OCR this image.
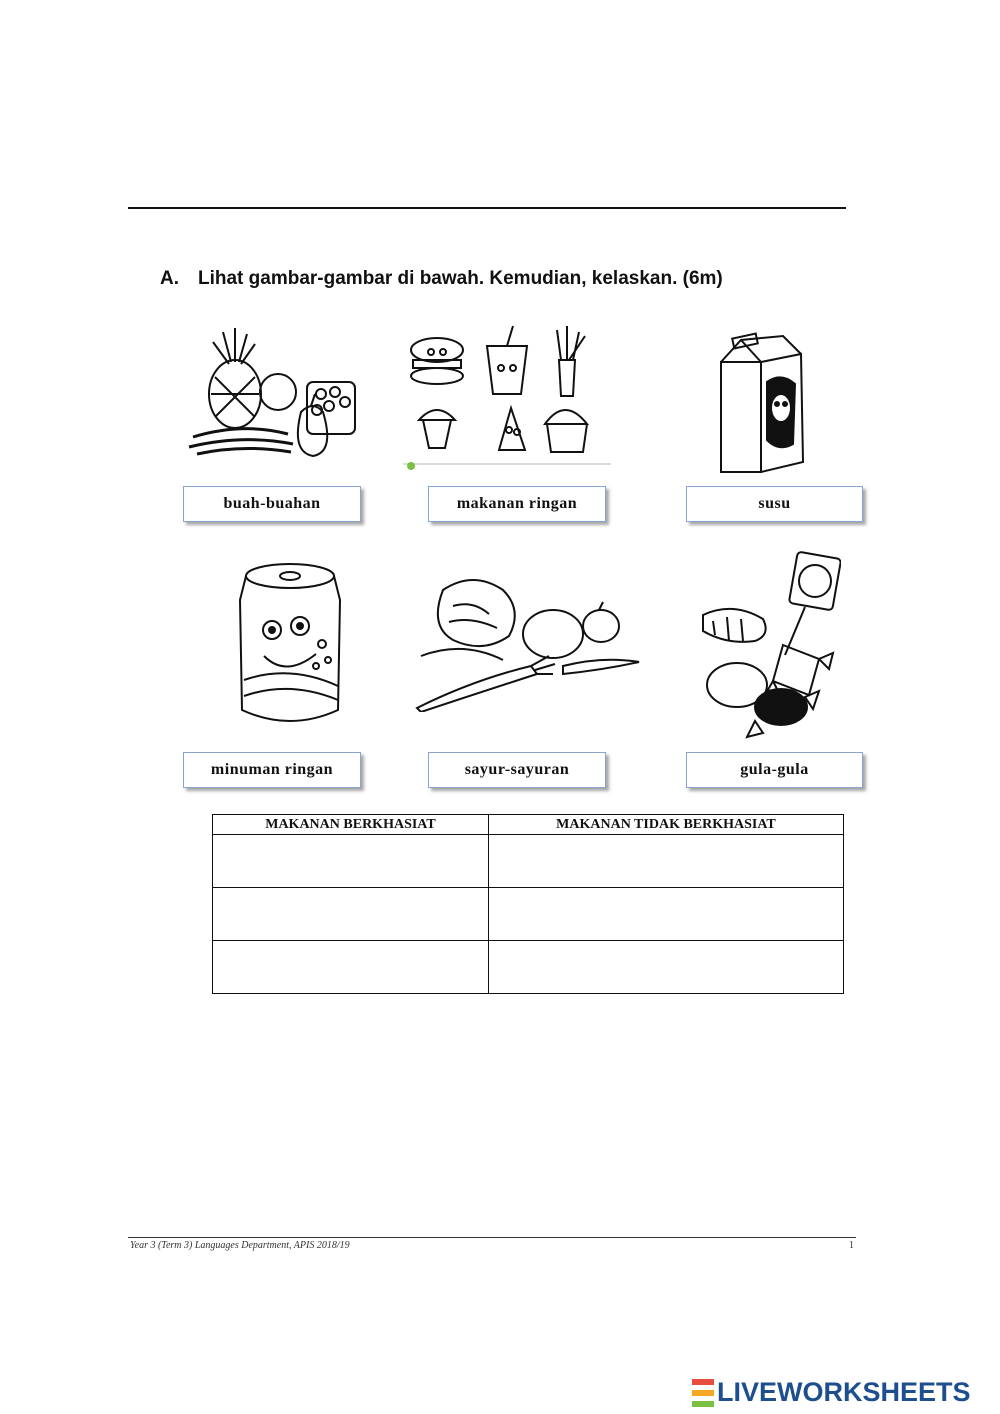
A. Lihat gambar-gambar di bawah. Kemudian, kelaskan. (6m)
buah-buahan	makanan ringan	susu
minuman ringan	sayur-sayuran	gula-gula
MAKANAN BERKHASIAT	MAKANAN TIDAK BERKHASIAT

Year 3 (Term 3) Languages Department, APIS 2018/19	1
LIVEWORKSHEETS
